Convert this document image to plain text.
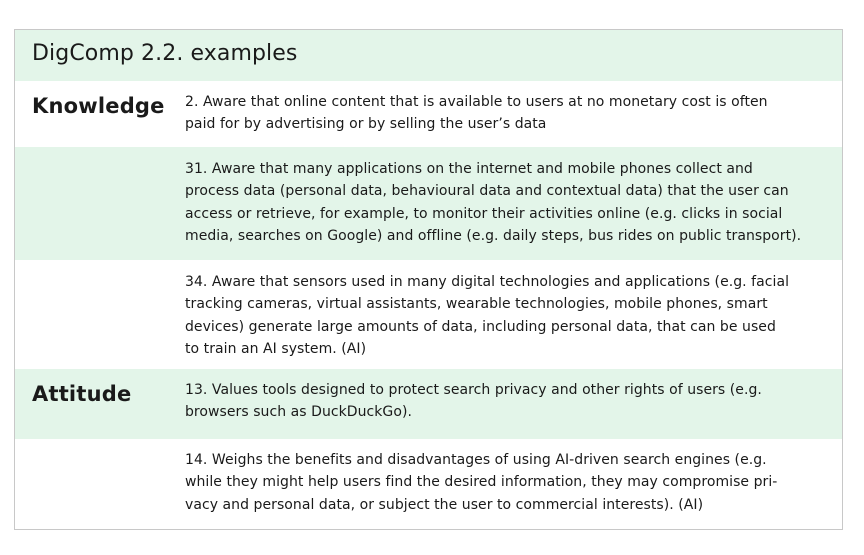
DigComp 2.2. examples
Knowledge 2. Aware that online content that is available to users at no monetary cost is often
paid for by advertising or by selling the user’s data
31. Aware that many applications on the internet and mobile phones collect and
process data (personal data, behavioural data and contextual data) that the user can
access or retrieve, for example, to monitor their activities online (e.g. clicks in social
media, searches on Google) and offline (e.g. daily steps, bus rides on public transport).
34. Aware that sensors used in many digital technologies and applications (e.g. facial
tracking cameras, virtual assistants, wearable technologies, mobile phones, smart
devices) generate large amounts of data, including personal data, that can be used
to train an AI system. (AI)
Attitude	13. Values tools designed to protect search privacy and other rights of users (e.g.
browsers such as DuckDuckGo).
14. Weighs the benefits and disadvantages of using AI-driven search engines (e.g.
while they might help users find the desired information, they may compromise pri-
vacy and personal data, or subject the user to commercial interests). (AI)
